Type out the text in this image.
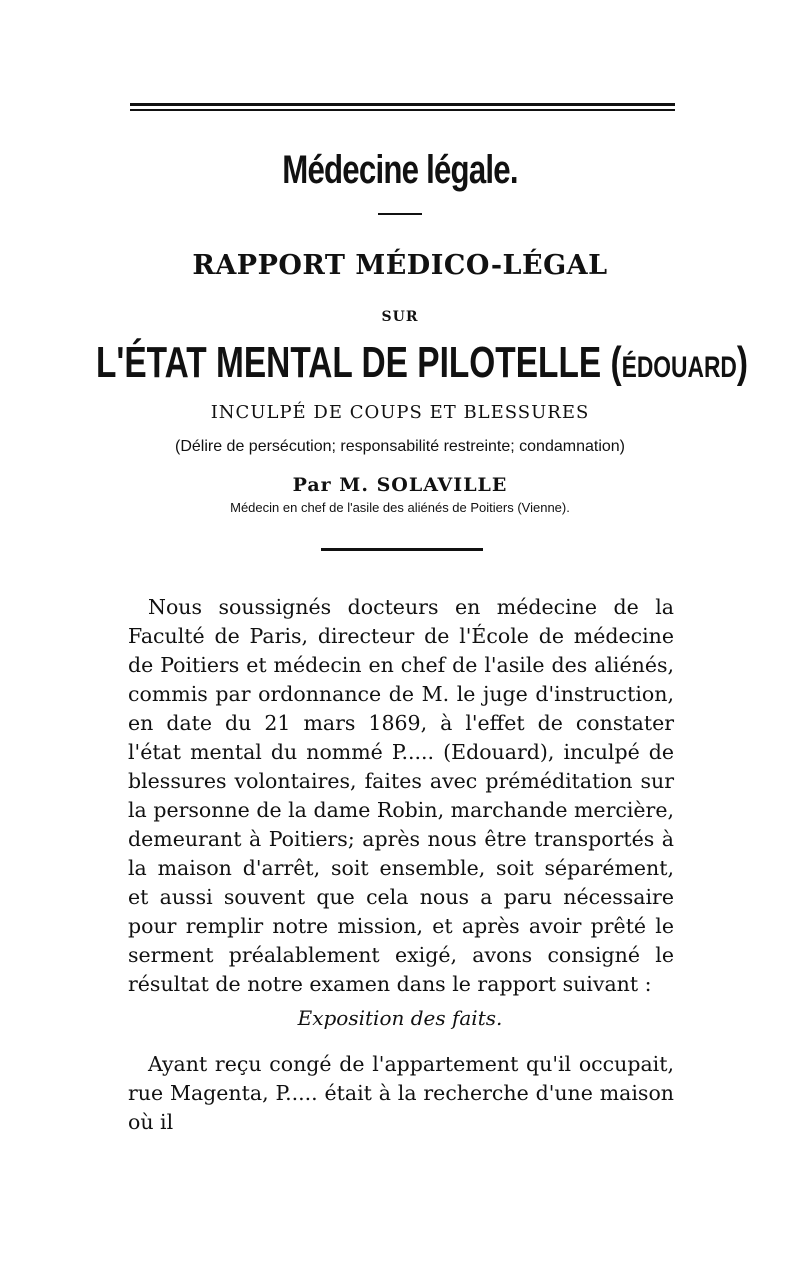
Médecine légale.
RAPPORT MÉDICO-LÉGAL
SUR
L'ÉTAT MENTAL DE PILOTELLE (ÉDOUARD)
INCULPÉ DE COUPS ET BLESSURES
(Délire de persécution; responsabilité restreinte; condamnation)
Par M. SOLAVILLE
Médecin en chef de l'asile des aliénés de Poitiers (Vienne).

Nous soussignés docteurs en médecine de la Faculté de Paris, directeur de l'École de médecine de Poitiers et médecin en chef de l'asile des aliénés, commis par ordonnance de M. le juge d'instruction, en date du 21 mars 1869, à l'effet de constater l'état mental du nommé P..... (Edouard), inculpé de blessures volontaires, faites avec préméditation sur la personne de la dame Robin, marchande mercière, demeurant à Poitiers; après nous être transportés à la maison d'arrêt, soit ensemble, soit séparément, et aussi souvent que cela nous a paru nécessaire pour remplir notre mission, et après avoir prêté le serment préalablement exigé, avons consigné le résultat de notre examen dans le rapport suivant :

Exposition des faits.

Ayant reçu congé de l'appartement qu'il occupait, rue Magenta, P..... était à la recherche d'une maison où il
